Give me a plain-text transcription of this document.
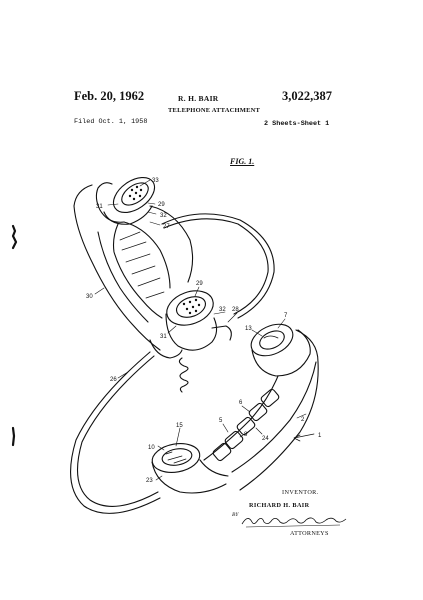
Feb. 20, 1962	R. H. BAIR	3,022,387
TELEPHONE ATTACHMENT
Filed Oct. 1, 1958	2 Sheets-Sheet 1
FIG. 1.
33
31	29
32
27
30
29
32 28
31
13
7
26
6
5	2
1
15
24
10
23
8
INVENTOR.
RICHARD H. BAIR
BY
ATTORNEYS
